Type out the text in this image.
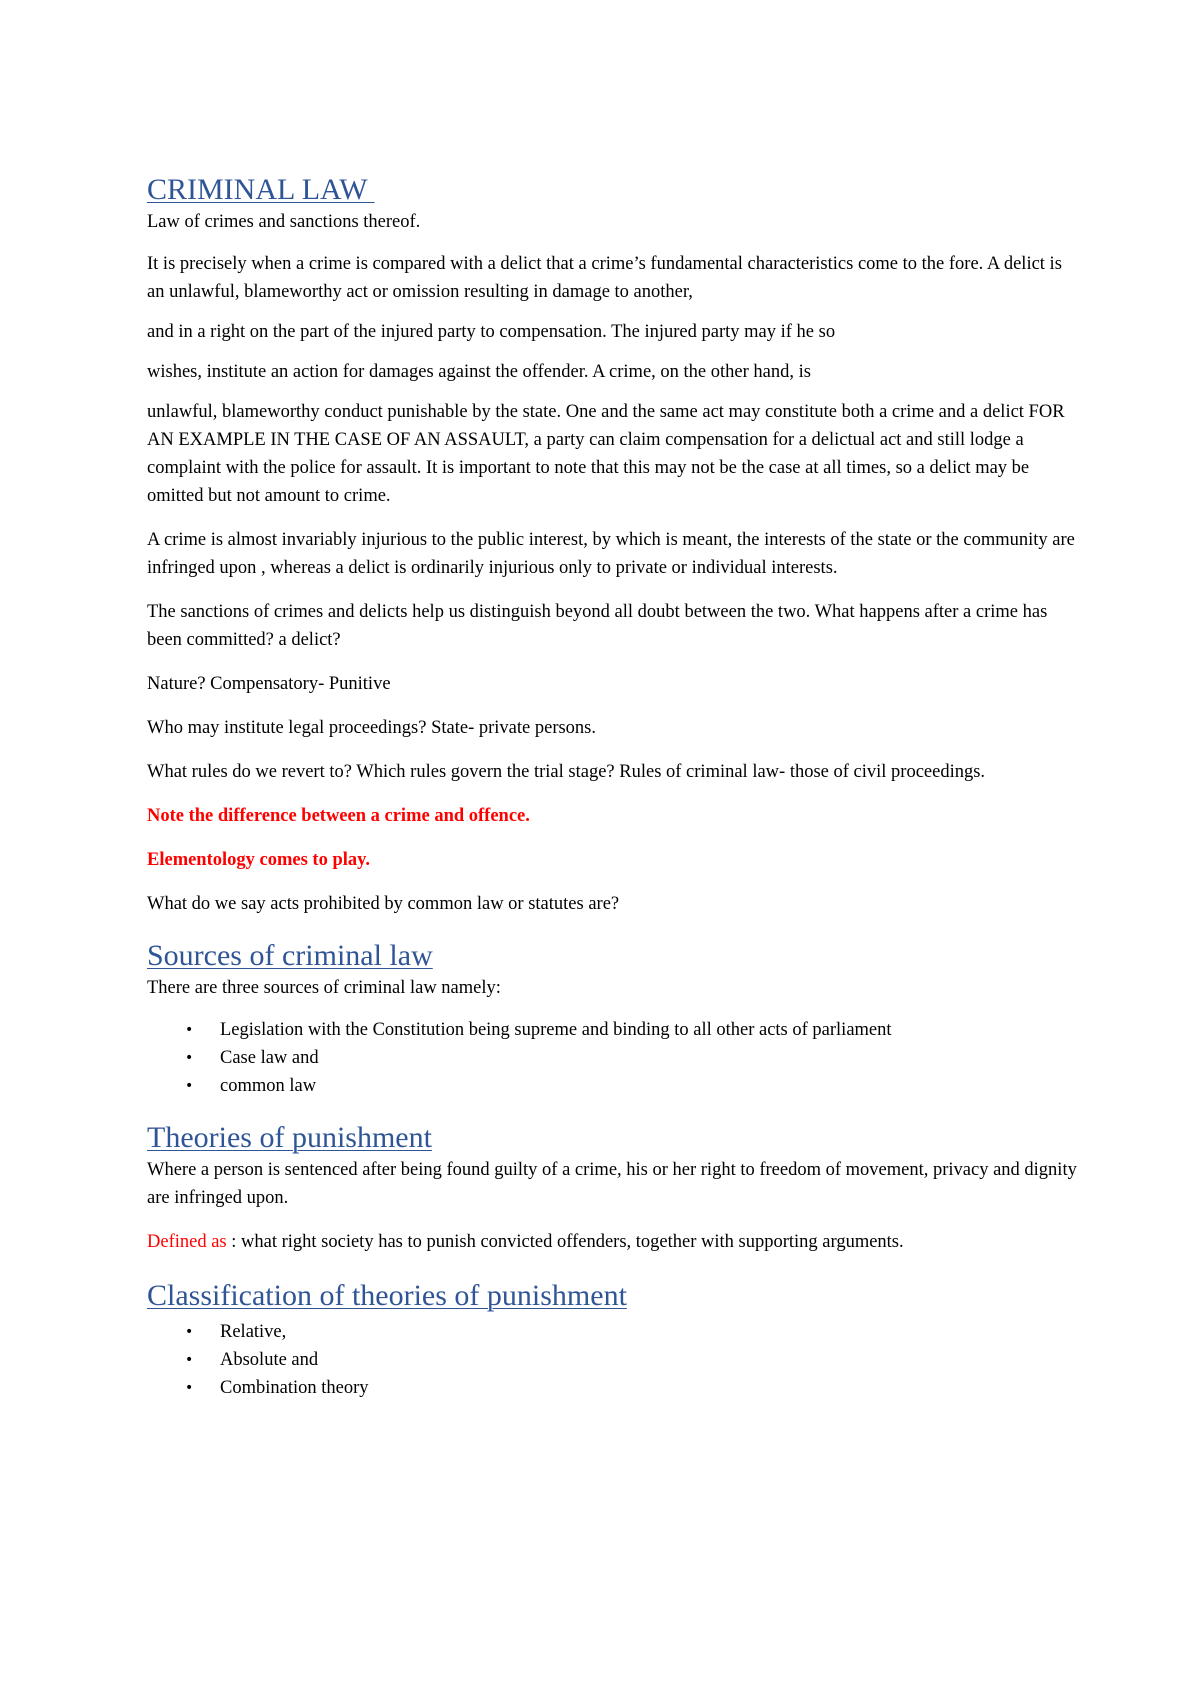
CRIMINAL LAW

Law of crimes and sanctions thereof.

It is precisely when a crime is compared with a delict that a crime’s fundamental characteristics come to the fore. A delict is an unlawful, blameworthy act or omission resulting in damage to another,

and in a right on the part of the injured party to compensation. The injured party may if he so

wishes, institute an action for damages against the offender. A crime, on the other hand, is

unlawful, blameworthy conduct punishable by the state. One and the same act may constitute both a crime and a delict FOR AN EXAMPLE IN THE CASE OF AN ASSAULT, a party can claim compensation for a delictual act and still lodge a complaint with the police for assault. It is important to note that this may not be the case at all times, so a delict may be omitted but not amount to crime.

A crime is almost invariably injurious to the public interest, by which is meant, the interests of the state or the community are infringed upon , whereas a delict is ordinarily injurious only to private or individual interests.

The sanctions of crimes and delicts help us distinguish beyond all doubt between the two. What happens after a crime has been committed? a delict?

Nature? Compensatory- Punitive

Who may institute legal proceedings? State- private persons.

What rules do we revert to? Which rules govern the trial stage? Rules of criminal law- those of civil proceedings.

Note the difference between a crime and offence.

Elementology comes to play.

What do we say acts prohibited by common law or statutes are?

Sources of criminal law

There are three sources of criminal law namely:

• Legislation with the Constitution being supreme and binding to all other acts of parliament
• Case law and
• common law
Theories of punishment

Where a person is sentenced after being found guilty of a crime, his or her right to freedom of movement, privacy and dignity are infringed upon.

Defined as : what right society has to punish convicted offenders, together with supporting arguments.

Classification of theories of punishment
• Relative,
• Absolute and
• Combination theory
